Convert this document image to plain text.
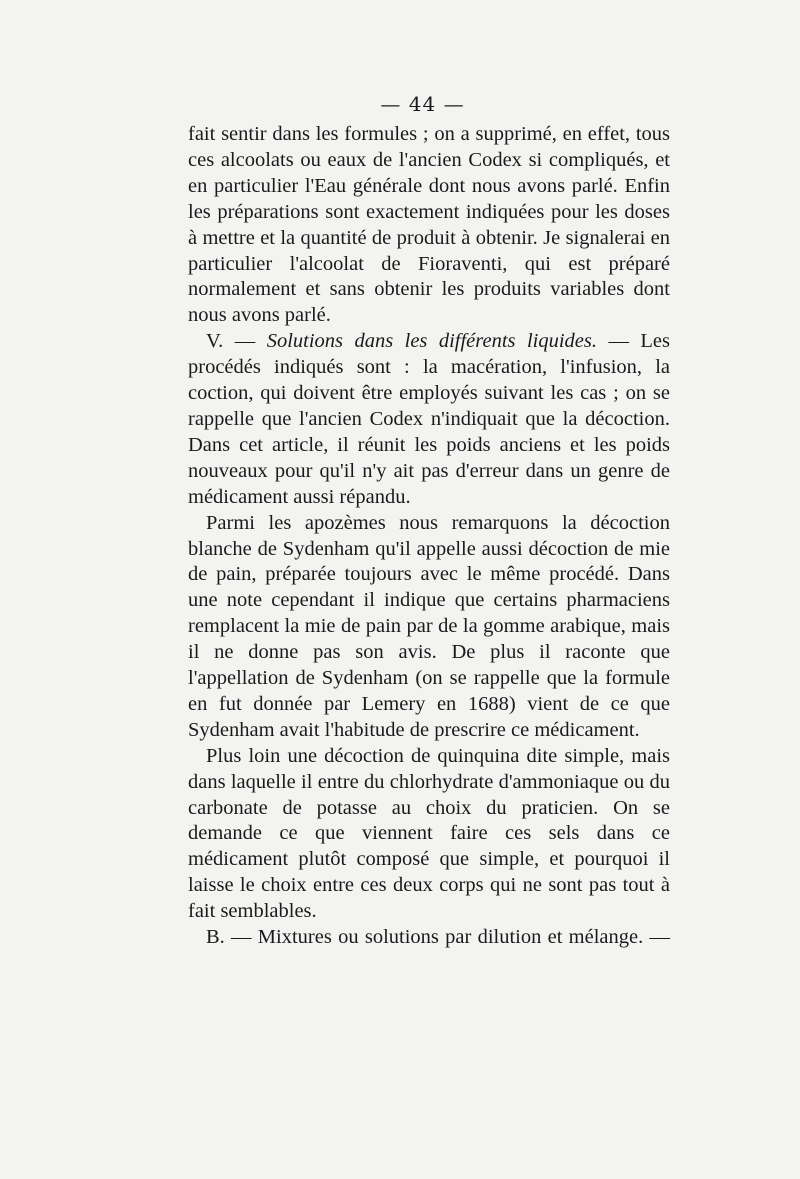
— 44 —

fait sentir dans les formules ; on a supprimé, en effet, tous ces alcoolats ou eaux de l'ancien Codex si compliqués, et en particulier l'Eau générale dont nous avons parlé. Enfin les préparations sont exactement indiquées pour les doses à mettre et la quantité de produit à obtenir. Je signalerai en particulier l'alcoolat de Fioraventi, qui est préparé normalement et sans obtenir les produits variables dont nous avons parlé.

V. — Solutions dans les différents liquides. — Les procédés indiqués sont : la macération, l'infusion, la coction, qui doivent être employés suivant les cas ; on se rappelle que l'ancien Codex n'indiquait que la décoction. Dans cet article, il réunit les poids anciens et les poids nouveaux pour qu'il n'y ait pas d'erreur dans un genre de médicament aussi répandu.

Parmi les apozèmes nous remarquons la décoction blanche de Sydenham qu'il appelle aussi décoction de mie de pain, préparée toujours avec le même procédé. Dans une note cependant il indique que certains pharmaciens remplacent la mie de pain par de la gomme arabique, mais il ne donne pas son avis. De plus il raconte que l'appellation de Sydenham (on se rappelle que la formule en fut donnée par Lemery en 1688) vient de ce que Sydenham avait l'habitude de prescrire ce médicament.

Plus loin une décoction de quinquina dite simple, mais dans laquelle il entre du chlorhydrate d'ammoniaque ou du carbonate de potasse au choix du praticien. On se demande ce que viennent faire ces sels dans ce médicament plutôt composé que simple, et pourquoi il laisse le choix entre ces deux corps qui ne sont pas tout à fait semblables.

B. — Mixtures ou solutions par dilution et mélange. —
